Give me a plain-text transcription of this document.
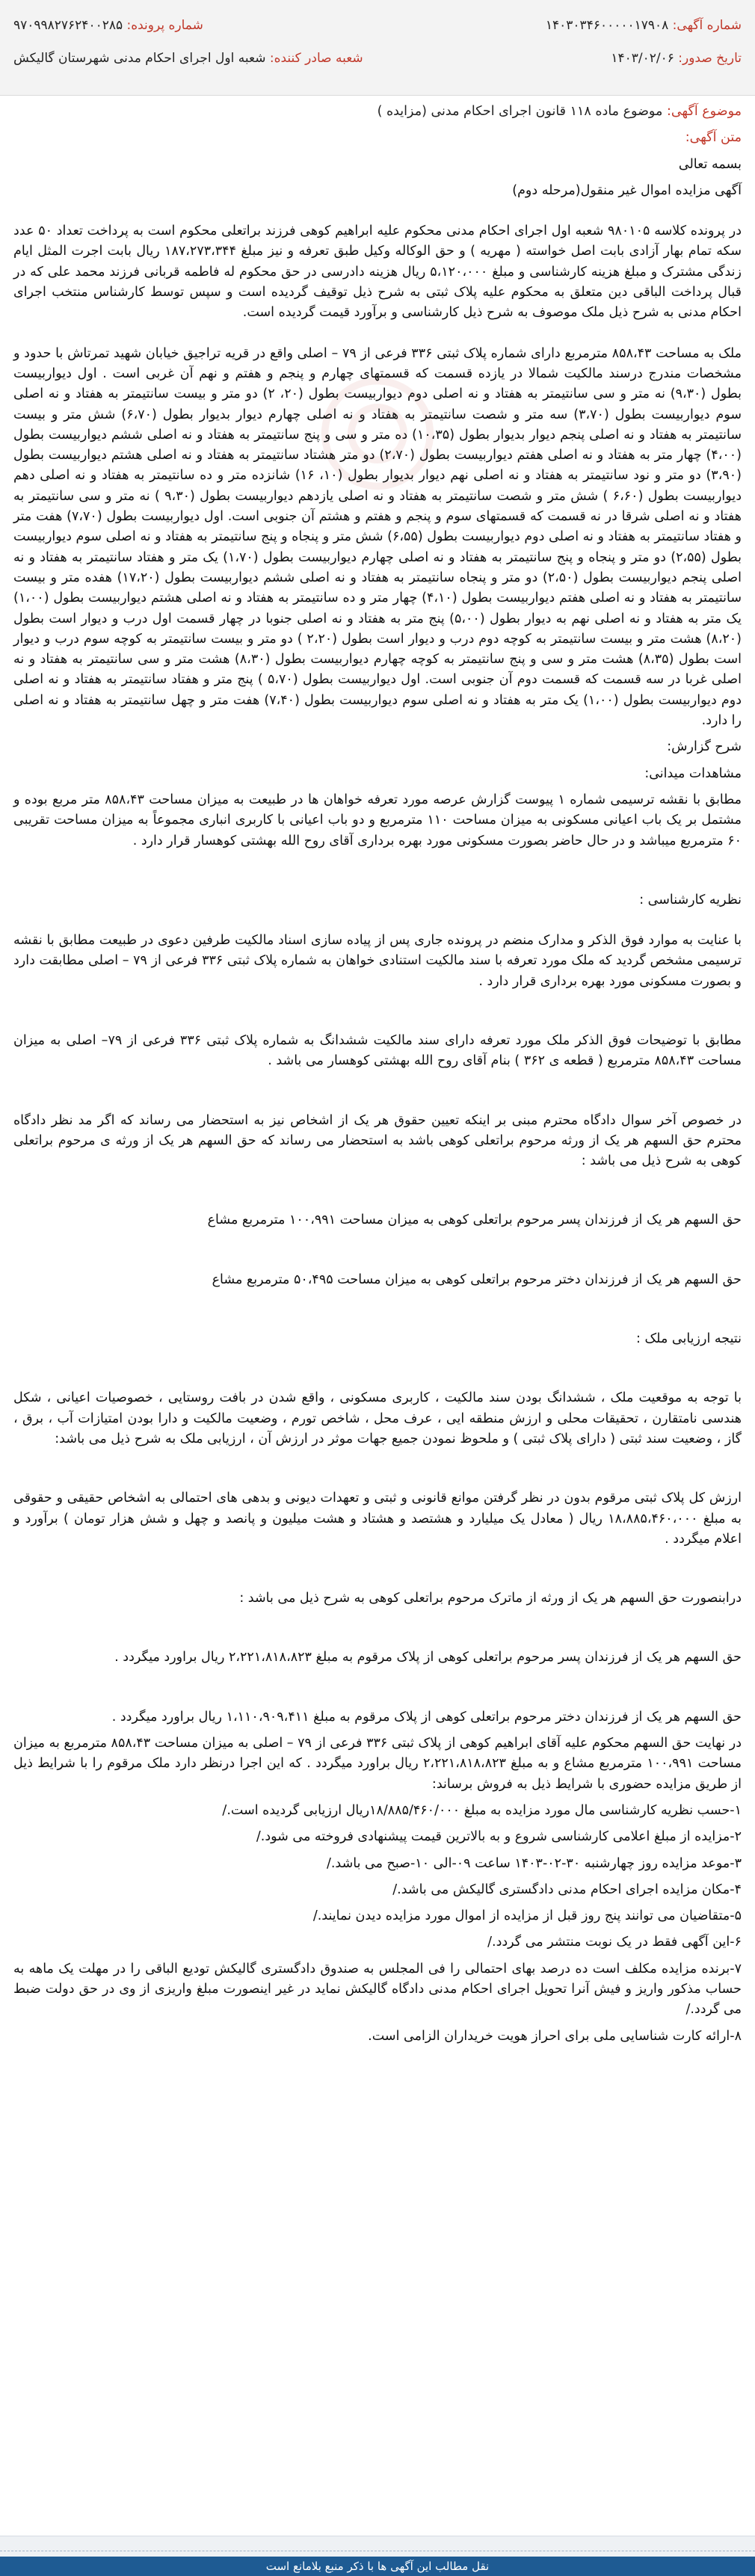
شماره آگهی: ۱۴۰۳۰۳۴۶۰۰۰۰۰۱۷۹۰۸
شماره پرونده: ۹۷۰۹۹۸۲۷۶۲۴۰۰۲۸۵
تاریخ صدور: ۱۴۰۳/۰۲/۰۶
شعبه صادر کننده: شعبه اول اجرای احکام مدنی شهرستان گالیکش
موضوع آگهی: موضوع ماده ۱۱۸ قانون اجرای احکام مدنی (مزایده )
متن آگهی:
بسمه تعالی
آگهی مزایده اموال غیر منقول(مرحله دوم)
در پرونده کلاسه ۹۸۰۱۰۵ شعبه اول اجرای احکام مدنی محکوم علیه ابراهیم کوهی فرزند براتعلی محکوم است به پرداخت تعداد ۵۰ عدد سکه تمام بهار آزادی بابت اصل خواسته ( مهریه ) و حق الوکاله وکیل طبق تعرفه و نیز مبلغ ۱۸۷،۲۷۳،۳۴۴ ریال بابت اجرت المثل ایام زندگی مشترک و مبلغ هزینه کارشناسی و مبلغ ۵،۱۲۰،۰۰۰ ریال هزینه دادرسی در حق محکوم له فاطمه قربانی فرزند محمد علی که در قبال پرداخت الباقی دین متعلق به محکوم علیه پلاک ثبتی به شرح ذیل توقیف گردیده است و سپس توسط کارشناس منتخب اجرای احکام مدنی به شرح ذیل ملک موصوف به شرح ذیل کارشناسی و برآورد قیمت گردیده است.
ملک به مساحت ۸۵۸،۴۳ مترمربع دارای شماره پلاک ثبتی ۳۳۶ فرعی از ۷۹ – اصلی واقع در قریه تراجیق خیابان شهید تمرتاش با حدود و مشخصات مندرج درسند مالکیت شمالا در یازده قسمت که قسمتهای چهارم و پنجم و هفتم و نهم آن غربی است . اول دیواربیست بطول (۹،۳۰) نه متر و سی سانتیمتر به هفتاد و نه اصلی دوم دیواربیست بطول (۲۰، ۲) دو متر و بیست سانتیمتر به هفتاد و نه اصلی سوم دیواربیست بطول (۳،۷۰) سه متر و شصت سانتیمتر به هفتاد و نه اصلی چهارم دیوار بدیوار بطول (۶،۷۰) شش متر و بیست سانتیمتر به هفتاد و نه اصلی پنجم دیوار بدیوار بطول (۱۰،۳۵) ده متر و سی و پنج سانتیمتر به هفتاد و نه اصلی ششم دیواربیست بطول (۴،۰۰) چهار متر به هفتاد و نه اصلی هفتم دیواربیست بطول (۲،۷۰) دو متر هشتاد سانتیمتر به هفتاد و نه اصلی هشتم دیواربیست بطول (۳،۹۰) دو متر و نود سانتیمتر به هفتاد و نه اصلی نهم دیوار بدیوار بطول (۱۰، ۱۶) شانزده متر و ده سانتیمتر به هفتاد و نه اصلی دهم دیواربیست بطول (۶،۶۰ ) شش متر و شصت سانتیمتر به هفتاد و نه اصلی یازدهم دیواربیست بطول (۹،۳۰ ) نه متر و سی سانتیمتر به هفتاد و نه اصلی شرقا در نه قسمت که قسمتهای سوم و پنجم و هفتم و هشتم آن جنوبی است. اول دیواربیست بطول (۷،۷۰) هفت متر و هفتاد سانتیمتر به هفتاد و نه اصلی دوم دیواربیست بطول (۶،۵۵) شش متر و پنجاه و پنج سانتیمتر به هفتاد و نه اصلی سوم دیواربیست بطول (۲،۵۵) دو متر و پنجاه و پنج سانتیمتر به هفتاد و نه اصلی چهارم دیواربیست بطول (۱،۷۰) یک متر و هفتاد سانتیمتر به هفتاد و نه اصلی پنجم دیواربیست بطول (۲،۵۰) دو متر و پنجاه سانتیمتر به هفتاد و نه اصلی ششم دیواربیست بطول (۱۷،۲۰) هفده متر و بیست سانتیمتر به هفتاد و نه اصلی هفتم دیواربیست بطول (۴،۱۰) چهار متر و ده سانتیمتر به هفتاد و نه اصلی هشتم دیواربیست بطول (۱،۰۰) یک متر به هفتاد و نه اصلی نهم به دیوار بطول (۵،۰۰) پنج متر به هفتاد و نه اصلی جنوبا در چهار قسمت اول درب و دیوار است بطول (۸،۲۰) هشت متر و بیست سانتیمتر به کوچه دوم درب و دیوار است بطول (۲،۲۰ ) دو متر و بیست سانتیمتر به کوچه سوم درب و دیوار است بطول (۸،۳۵) هشت متر و سی و پنج سانتیمتر به کوچه چهارم دیواربیست بطول (۸،۳۰) هشت متر و سی سانتیمتر به هفتاد و نه اصلی غربا در سه قسمت که قسمت دوم آن جنوبی است. اول دیواربیست بطول (۵،۷۰ ) پنج متر و هفتاد سانتیمتر به هفتاد و نه اصلی دوم دیواربیست بطول (۱،۰۰) یک متر به هفتاد و نه اصلی سوم دیواربیست بطول (۷،۴۰) هفت متر و چهل سانتیمتر به هفتاد و نه اصلی را دارد.
شرح گزارش:
مشاهدات میدانی:
مطابق با نقشه ترسیمی شماره ۱ پیوست گزارش عرصه مورد تعرفه خواهان ها در طبیعت به میزان مساحت ۸۵۸،۴۳ متر مربع بوده و مشتمل بر یک باب اعیانی مسکونی به میزان مساحت ۱۱۰ مترمربع و دو باب اعیانی با کاربری انباری مجموعاً به میزان مساحت تقریبی ۶۰ مترمربع میباشد و در حال حاضر بصورت مسکونی مورد بهره برداری آقای روح الله بهشتی کوهسار قرار دارد .
نظریه کارشناسی :
با عنایت به موارد فوق الذکر و مدارک منضم در پرونده جاری پس از پیاده سازی اسناد مالکیت طرفین دعوی در طبیعت مطابق با نقشه ترسیمی مشخص گردید که ملک مورد تعرفه با سند مالکیت استنادی خواهان به شماره پلاک ثبتی ۳۳۶ فرعی از ۷۹ – اصلی مطابقت دارد و بصورت مسکونی مورد بهره برداری قرار دارد .
مطابق با توضیحات فوق الذکر ملک مورد تعرفه دارای سند مالکیت ششدانگ به شماره پلاک ثبتی ۳۳۶ فرعی از ۷۹– اصلی به میزان مساحت ۸۵۸،۴۳ مترمربع ( قطعه ی ۳۶۲ ) بنام آقای روح الله بهشتی کوهسار می باشد .
در خصوص آخر سوال دادگاه محترم مبنی بر اینکه تعیین حقوق هر یک از اشخاص نیز به استحضار می رساند که اگر مد نظر دادگاه محترم حق السهم هر یک از ورثه مرحوم براتعلی کوهی باشد به استحضار می رساند که حق السهم هر یک از ورثه ی مرحوم براتعلی کوهی به شرح ذیل می باشد :
حق السهم هر یک از فرزندان پسر مرحوم براتعلی کوهی به میزان مساحت ۱۰۰،۹۹۱ مترمربع مشاع
حق السهم هر یک از فرزندان دختر مرحوم براتعلی کوهی به میزان مساحت ۵۰،۴۹۵ مترمربع مشاع
نتیجه ارزیابی ملک :
با توجه به موقعیت ملک ، ششدانگ بودن سند مالکیت ، کاربری مسکونی ، واقع شدن در بافت روستایی ، خصوصیات اعیانی ، شکل هندسی نامتقارن ، تحقیقات محلی و ارزش منطقه ایی ، عرف محل ، شاخص تورم ، وضعیت مالکیت و دارا بودن امتیازات آب ، برق ، گاز ، وضعیت سند ثبتی ( دارای پلاک ثبتی ) و ملحوظ نمودن جمیع جهات موثر در ارزش آن ، ارزیابی ملک به شرح ذیل می باشد:
ارزش کل پلاک ثبتی مرقوم بدون در نظر گرفتن موانع قانونی و ثبتی و تعهدات دیونی و بدهی های احتمالی به اشخاص حقیقی و حقوقی به مبلغ ۱۸،۸۸۵،۴۶۰،۰۰۰ ریال ( معادل یک میلیارد و هشتصد و هشتاد و هشت میلیون و پانصد و چهل و شش هزار تومان ) برآورد و اعلام میگردد .
درابنصورت حق السهم هر یک از ورثه از ماترک مرحوم براتعلی کوهی به شرح ذیل می باشد :
حق السهم هر یک از فرزندان پسر مرحوم براتعلی کوهی از پلاک مرقوم به مبلغ ۲،۲۲۱،۸۱۸،۸۲۳ ریال براورد میگردد .
حق السهم هر یک از فرزندان دختر مرحوم براتعلی کوهی از پلاک مرقوم به مبلغ ۱،۱۱۰،۹۰۹،۴۱۱ ریال براورد میگردد .
در نهایت حق السهم محکوم علیه آقای ابراهیم کوهی از پلاک ثبتی ۳۳۶ فرعی از ۷۹ – اصلی به میزان مساحت ۸۵۸،۴۳ مترمربع به میزان مساحت ۱۰۰،۹۹۱ مترمربع مشاع و به مبلغ ۲،۲۲۱،۸۱۸،۸۲۳ ریال براورد میگردد . که این اجرا درنظر دارد ملک مرقوم را با شرایط ذیل از طریق مزایده حضوری با شرایط ذیل به فروش برساند:
۱-حسب نظریه کارشناسی مال مورد مزایده به مبلغ ۱۸/۸۸۵/۴۶۰/۰۰۰ریال ارزیابی گردیده است./
۲-مزایده از مبلغ اعلامی کارشناسی شروع و به بالاترین قیمت پیشنهادی فروخته می شود./
۳-موعد مزایده روز چهارشنبه ۳۰-۰۲-۱۴۰۳ ساعت ۰۹-الی ۱۰-صبح می باشد./
۴-مکان مزایده اجرای احکام مدنی دادگستری گالیکش می باشد./
۵-متقاضیان می توانند پنج روز قبل از مزایده از اموال مورد مزایده دیدن نمایند./
۶-این آگهی فقط در یک نوبت منتشر می گردد./
۷-برنده مزایده مکلف است ده درصد بهای احتمالی را فی المجلس به صندوق دادگستری گالیکش تودیع الباقی را در مهلت یک ماهه به حساب مذکور واریز و فیش آنرا تحویل اجرای احکام مدنی دادگاه گالیکش نماید در غیر اینصورت مبلغ واریزی از وی در حق دولت ضبط می گردد./
۸-ارائه کارت شناسایی ملی برای احراز هویت خریداران الزامی است.
نقل مطالب این آگهی ها با ذکر منبع بلامانع است
